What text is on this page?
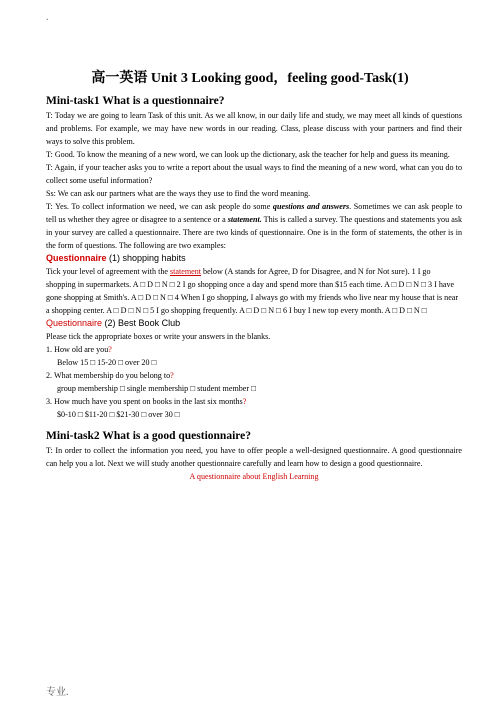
.
高一英语 Unit 3 Looking good，feeling good-Task(1)

Mini-task1 What is a questionnaire?

T: Today we are going to learn Task of this unit. As we all know, in our daily life and study, we may meet all kinds of questions and problems. For example, we may have new words in our reading. Class, please discuss with your partners and find their ways to solve this problem.

T: Good. To know the meaning of a new word, we can look up the dictionary, ask the teacher for help and guess its meaning.

T: Again, if your teacher asks you to write a report about the usual ways to find the meaning of a new word, what can you do to collect some useful information?

Ss: We can ask our partners what are the ways they use to find the word meaning.

T: Yes. To collect information we need, we can ask people do some questions and answers. Sometimes we can ask people to tell us whether they agree or disagree to a sentence or a statement. This is called a survey. The questions and statements you ask in your survey are called a questionnaire. There are two kinds of questionnaire. One is in the form of statements, the other is in the form of questions. The following are two examples:

Questionnaire (1) shopping habits

Tick your level of agreement with the statement below (A stands for Agree, D for Disagree, and N for Not sure). 1 I go shopping in supermarkets. A □ D □ N □ 2 I go shopping once a day and spend more than $15 each time. A □ D □ N □ 3 I have gone shopping at Smith's. A □ D □ N □ 4 When I go shopping, I always go with my friends who live near my house that is near a shopping center. A □ D □ N □ 5 I go shopping frequently. A □ D □ N □ 6 I buy I new top every month. A □ D □ N □

Questionnaire (2) Best Book Club

Please tick the appropriate boxes or write your answers in the blanks.

1. How old are you?

Below 15 □ 15-20 □ over 20 □

2. What membership do you belong to?

group membership □ single membership □ student member □

3. How much have you spent on books in the last six months?

$0-10 □ $11-20 □ $21-30 □ over 30 □

Mini-task2 What is a good questionnaire?

T: In order to collect the information you need, you have to offer people a well-designed questionnaire. A good questionnaire can help you a lot. Next we will study another questionnaire carefully and learn how to design a good questionnaire.

A questionnaire about English Learning

专业.
